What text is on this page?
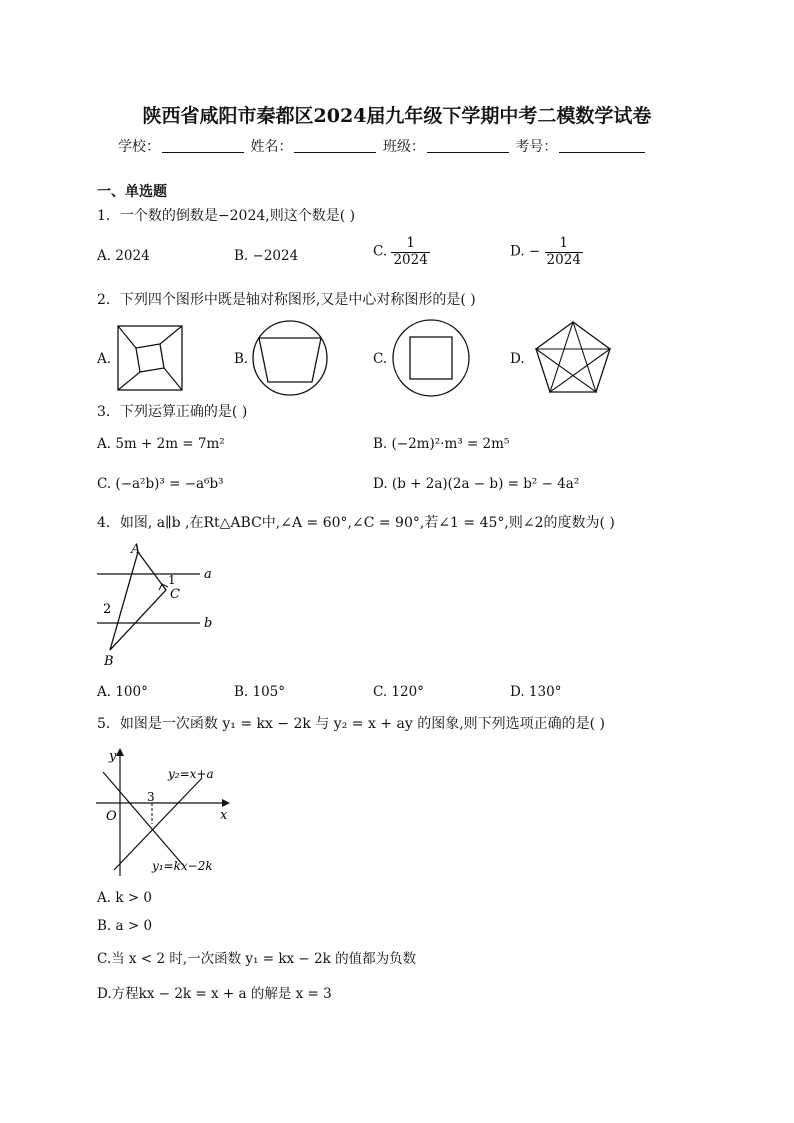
陕西省咸阳市秦都区2024届九年级下学期中考二模数学试卷
学校：	姓名：	班级：	考号：
一、单选题
1．一个数的倒数是−2024,则这个数是( )
A. 2024	B. −2024	C. $\frac{1}{2024}$	D. − $\frac{1}{2024}$
2．下列四个图形中既是轴对称图形,又是中心对称图形的是( )
A.	B.	C.	D.
3．下列运算正确的是( )
A. 5m + 2m = 7m²	B. (−2m)²·m³ = 2m⁵
C. (−a²b)³ = −a⁶b³	D. (b + 2a)(2a − b) = b² − 4a²
4．如图, a∥b ,在Rt△ABC中,∠A = 60°,∠C = 90°,若∠1 = 45°,则∠2的度数为( )
A
1
C
2
B
a
b
A. 100°	B. 105°	C. 120°	D. 130°
5．如图是一次函数 y₁ = kx − 2k 与 y₂ = x + ay 的图象,则下列选项正确的是( )
y
x
O
3
y₂=x+a
y₁=kx−2k
A. k > 0
B. a > 0
C.当 x < 2 时,一次函数 y₁ = kx − 2k 的值都为负数
D.方程kx − 2k = x + a 的解是 x = 3
